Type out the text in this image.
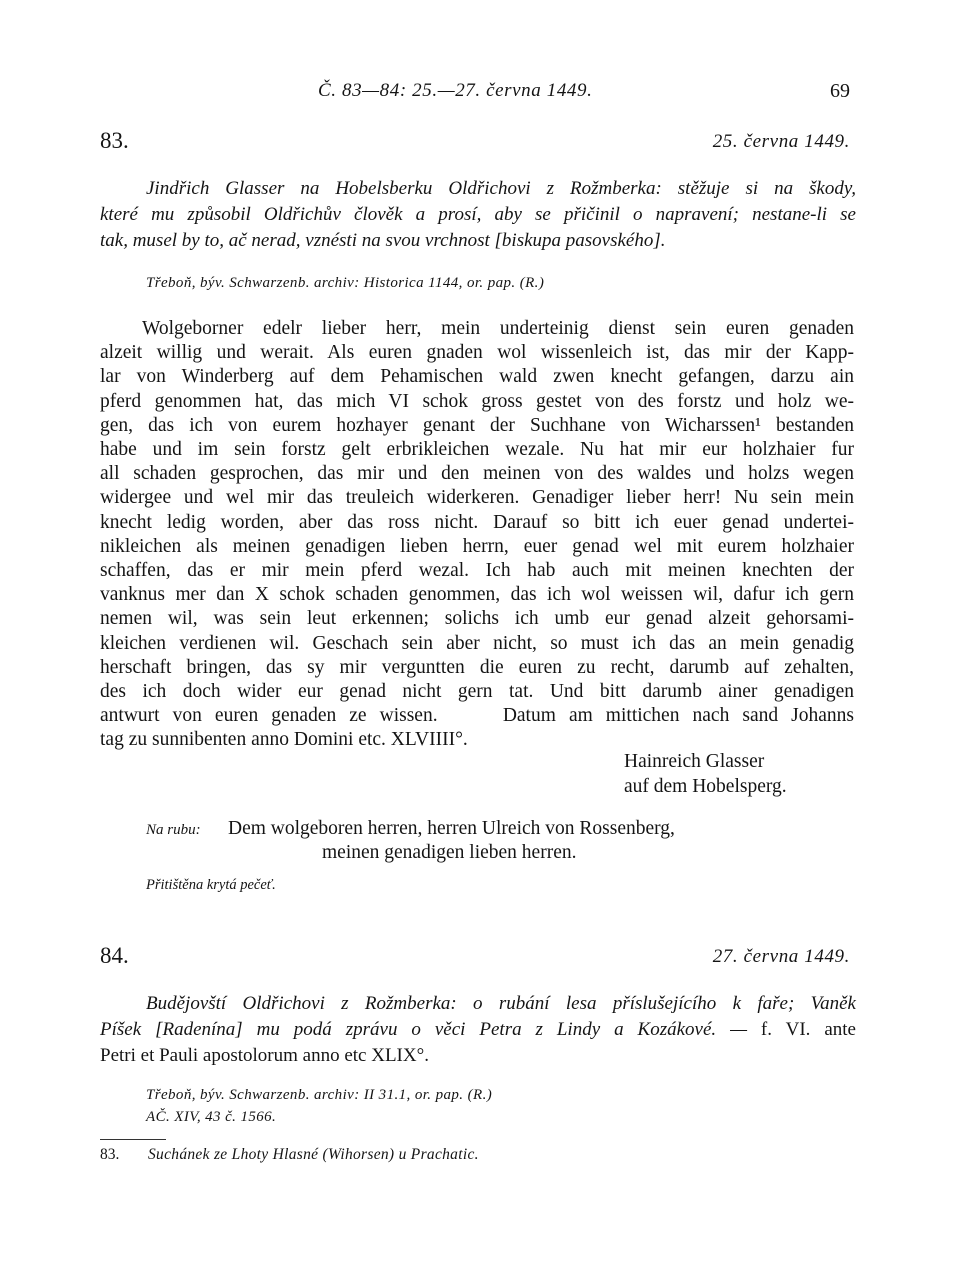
Č. 83—84: 25.—27. června 1449.	69
83.	25. června 1449.
Jindřich Glasser na Hobelsberku Oldřichovi z Rožmberka: stěžuje si na škody,
které mu způsobil Oldřichův člověk a prosí, aby se přičinil o napravení; nestane-li se
tak, musel by to, ač nerad, vznésti na svou vrchnost [biskupa pasovského].
Třeboň, býv. Schwarzenb. archiv: Historica 1144, or. pap. (R.)
Wolgeborner edelr lieber herr, mein underteinig dienst sein euren genaden
alzeit willig und werait. Als euren gnaden wol wissenleich ist, das mir der Kapp-
lar von Winderberg auf dem Pehamischen wald zwen knecht gefangen, darzu ain
pferd genommen hat, das mich VI schok gross gestet von des forstz und holz we-
gen, das ich von eurem hozhayer genant der Suchhane von Wicharssen¹ bestanden
habe und im sein forstz gelt erbrikleichen wezale. Nu hat mir eur holzhaier fur
all schaden gesprochen, das mir und den meinen von des waldes und holzs wegen
widergee und wel mir das treuleich widerkeren. Genadiger lieber herr! Nu sein mein
knecht ledig worden, aber das ross nicht. Darauf so bitt ich euer genad undertei-
nikleichen als meinen genadigen lieben herrn, euer genad wel mit eurem holzhaier
schaffen, das er mir mein pferd wezal. Ich hab auch mit meinen knechten der
vanknus mer dan X schok schaden genommen, das ich wol weissen wil, dafur ich gern
nemen wil, was sein leut erkennen; solichs ich umb eur genad alzeit gehorsami-
kleichen verdienen wil. Geschach sein aber nicht, so must ich das an mein genadig
herschaft bringen, das sy mir verguntten die euren zu recht, darumb auf zehalten,
des ich doch wider eur genad nicht gern tat. Und bitt darumb ainer genadigen
antwurt von euren genaden ze wissen.     Datum am mittichen nach sand Johanns
tag zu sunnibenten anno Domini etc. XLVIIII°.
Hainreich Glasser
auf dem Hobelsperg.
Na rubu: Dem wolgeboren herren, herren Ulreich von Rossenberg,
meinen genadigen lieben herren.
Přitištěna krytá pečeť.
84.	27. června 1449.
Budějovští Oldřichovi z Rožmberka: o rubání lesa příslušejícího k faře; Vaněk
Píšek [Radenína] mu podá zprávu o věci Petra z Lindy a Kozákové. — f. VI. ante
Petri et Pauli apostolorum anno etc XLIX°.
Třeboň, býv. Schwarzenb. archiv: II 31.1, or. pap. (R.)
AČ. XIV, 43 č. 1566.
83. Suchánek ze Lhoty Hlasné (Wihorsen) u Prachatic.
